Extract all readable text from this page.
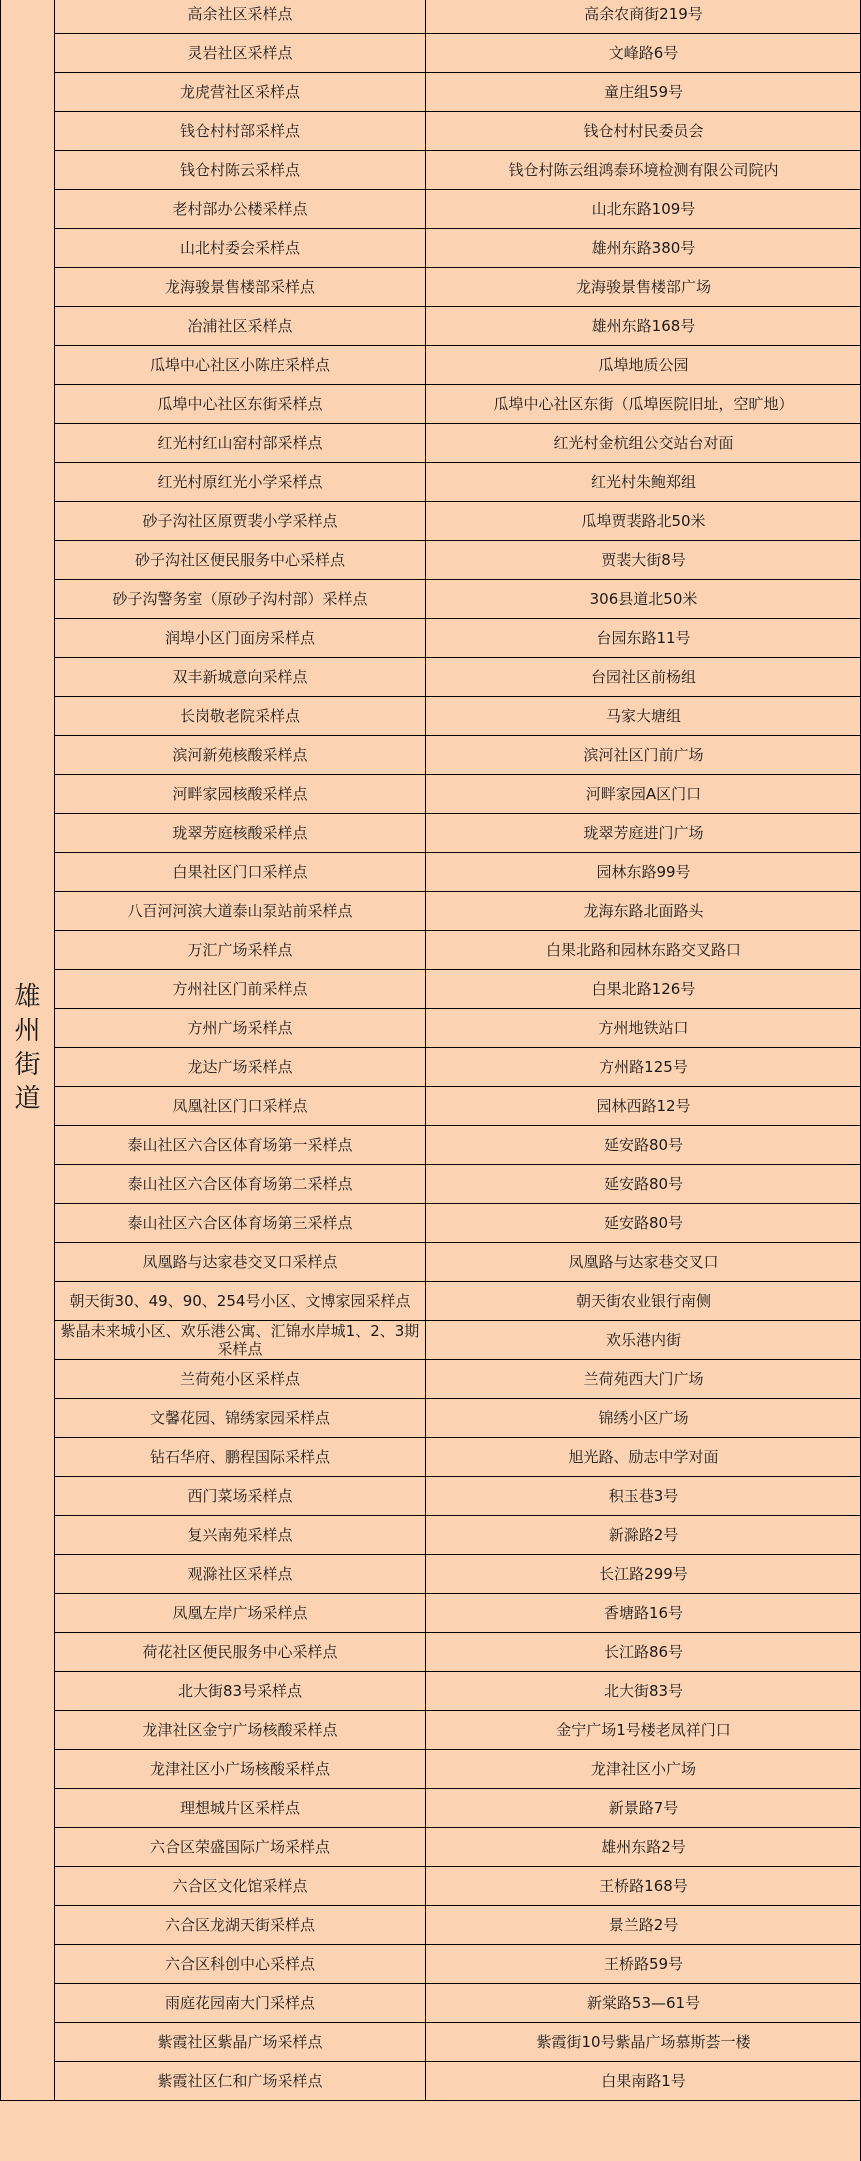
雄州街道	高余社区采样点	高余农商街219号
	灵岩社区采样点	文峰路6号
	龙虎营社区采样点	童庄组59号
	钱仓村村部采样点	钱仓村村民委员会
	钱仓村陈云采样点	钱仓村陈云组鸿泰环境检测有限公司院内
	老村部办公楼采样点	山北东路109号
	山北村委会采样点	雄州东路380号
	龙海骏景售楼部采样点	龙海骏景售楼部广场
	冶浦社区采样点	雄州东路168号
	瓜埠中心社区小陈庄采样点	瓜埠地质公园
	瓜埠中心社区东街采样点	瓜埠中心社区东街（瓜埠医院旧址，空旷地）
	红光村红山窑村部采样点	红光村金杭组公交站台对面
	红光村原红光小学采样点	红光村朱鲍郑组
	砂子沟社区原贾裴小学采样点	瓜埠贾裴路北50米
	砂子沟社区便民服务中心采样点	贾裴大街8号
	砂子沟警务室（原砂子沟村部）采样点	306县道北50米
	润埠小区门面房采样点	台园东路11号
	双丰新城意向采样点	台园社区前杨组
	长岗敬老院采样点	马家大塘组
	滨河新苑核酸采样点	滨河社区门前广场
	河畔家园核酸采样点	河畔家园A区门口
	珑翠芳庭核酸采样点	珑翠芳庭进门广场
	白果社区门口采样点	园林东路99号
	八百河河滨大道泰山泵站前采样点	龙海东路北面路头
	万汇广场采样点	白果北路和园林东路交叉路口
	方州社区门前采样点	白果北路126号
	方州广场采样点	方州地铁站口
	龙达广场采样点	方州路125号
	凤凰社区门口采样点	园林西路12号
	泰山社区六合区体育场第一采样点	延安路80号
	泰山社区六合区体育场第二采样点	延安路80号
	泰山社区六合区体育场第三采样点	延安路80号
	凤凰路与达家巷交叉口采样点	凤凰路与达家巷交叉口
	朝天街30、49、90、254号小区、文博家园采样点	朝天街农业银行南侧
	紫晶未来城小区、欢乐港公寓、汇锦水岸城1、2、3期采样点	欢乐港内街
	兰荷苑小区采样点	兰荷苑西大门广场
	文馨花园、锦绣家园采样点	锦绣小区广场
	钻石华府、鹏程国际采样点	旭光路、励志中学对面
	西门菜场采样点	积玉巷3号
	复兴南苑采样点	新滁路2号
	观滁社区采样点	长江路299号
	凤凰左岸广场采样点	香塘路16号
	荷花社区便民服务中心采样点	长江路86号
	北大街83号采样点	北大街83号
	龙津社区金宁广场核酸采样点	金宁广场1号楼老凤祥门口
	龙津社区小广场核酸采样点	龙津社区小广场
	理想城片区采样点	新景路7号
	六合区荣盛国际广场采样点	雄州东路2号
	六合区文化馆采样点	王桥路168号
	六合区龙湖天街采样点	景兰路2号
	六合区科创中心采样点	王桥路59号
	雨庭花园南大门采样点	新棠路53—61号
	紫霞社区紫晶广场采样点	紫霞街10号紫晶广场慕斯荟一楼
	紫霞社区仁和广场采样点	白果南路1号
